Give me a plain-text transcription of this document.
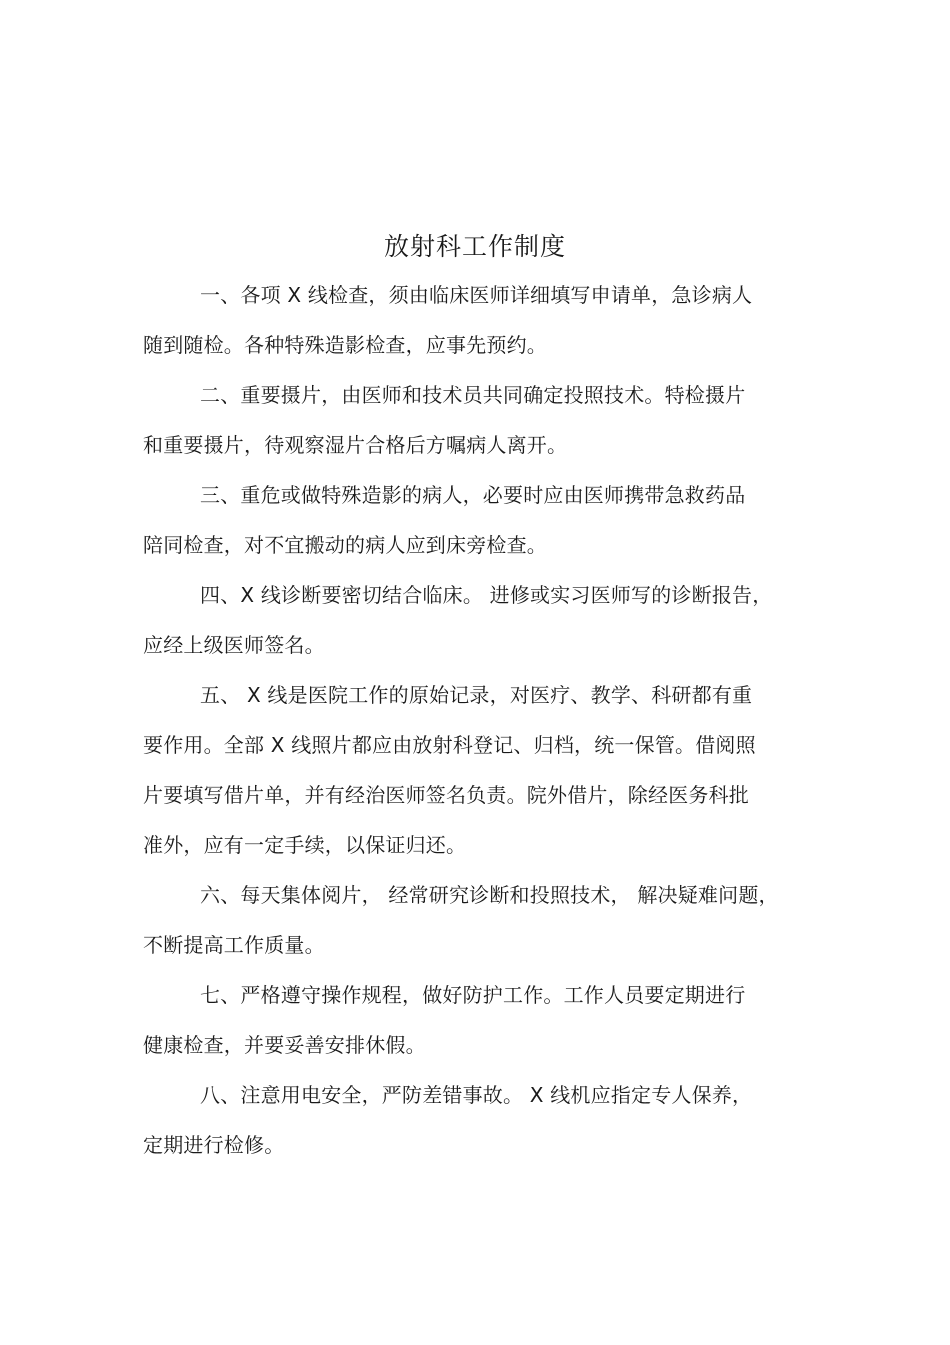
放射科工作制度
一、各项 X 线检查，须由临床医师详细填写申请单，急诊病人
随到随检。各种特殊造影检查，应事先预约。
二、重要摄片，由医师和技术员共同确定投照技术。特检摄片
和重要摄片，待观察湿片合格后方嘱病人离开。
三、重危或做特殊造影的病人，必要时应由医师携带急救药品
陪同检查，对不宜搬动的病人应到床旁检查。
四、X 线诊断要密切结合临床。 进修或实习医师写的诊断报告，
应经上级医师签名。
五、 X 线是医院工作的原始记录，对医疗、教学、科研都有重
要作用。全部 X 线照片都应由放射科登记、归档，统一保管。借阅照
片要填写借片单，并有经治医师签名负责。院外借片，除经医务科批
准外，应有一定手续，以保证归还。
六、每天集体阅片， 经常研究诊断和投照技术， 解决疑难问题，
不断提高工作质量。
七、严格遵守操作规程，做好防护工作。工作人员要定期进行
健康检查，并要妥善安排休假。
八、注意用电安全，严防差错事故。 X 线机应指定专人保养，
定期进行检修。
